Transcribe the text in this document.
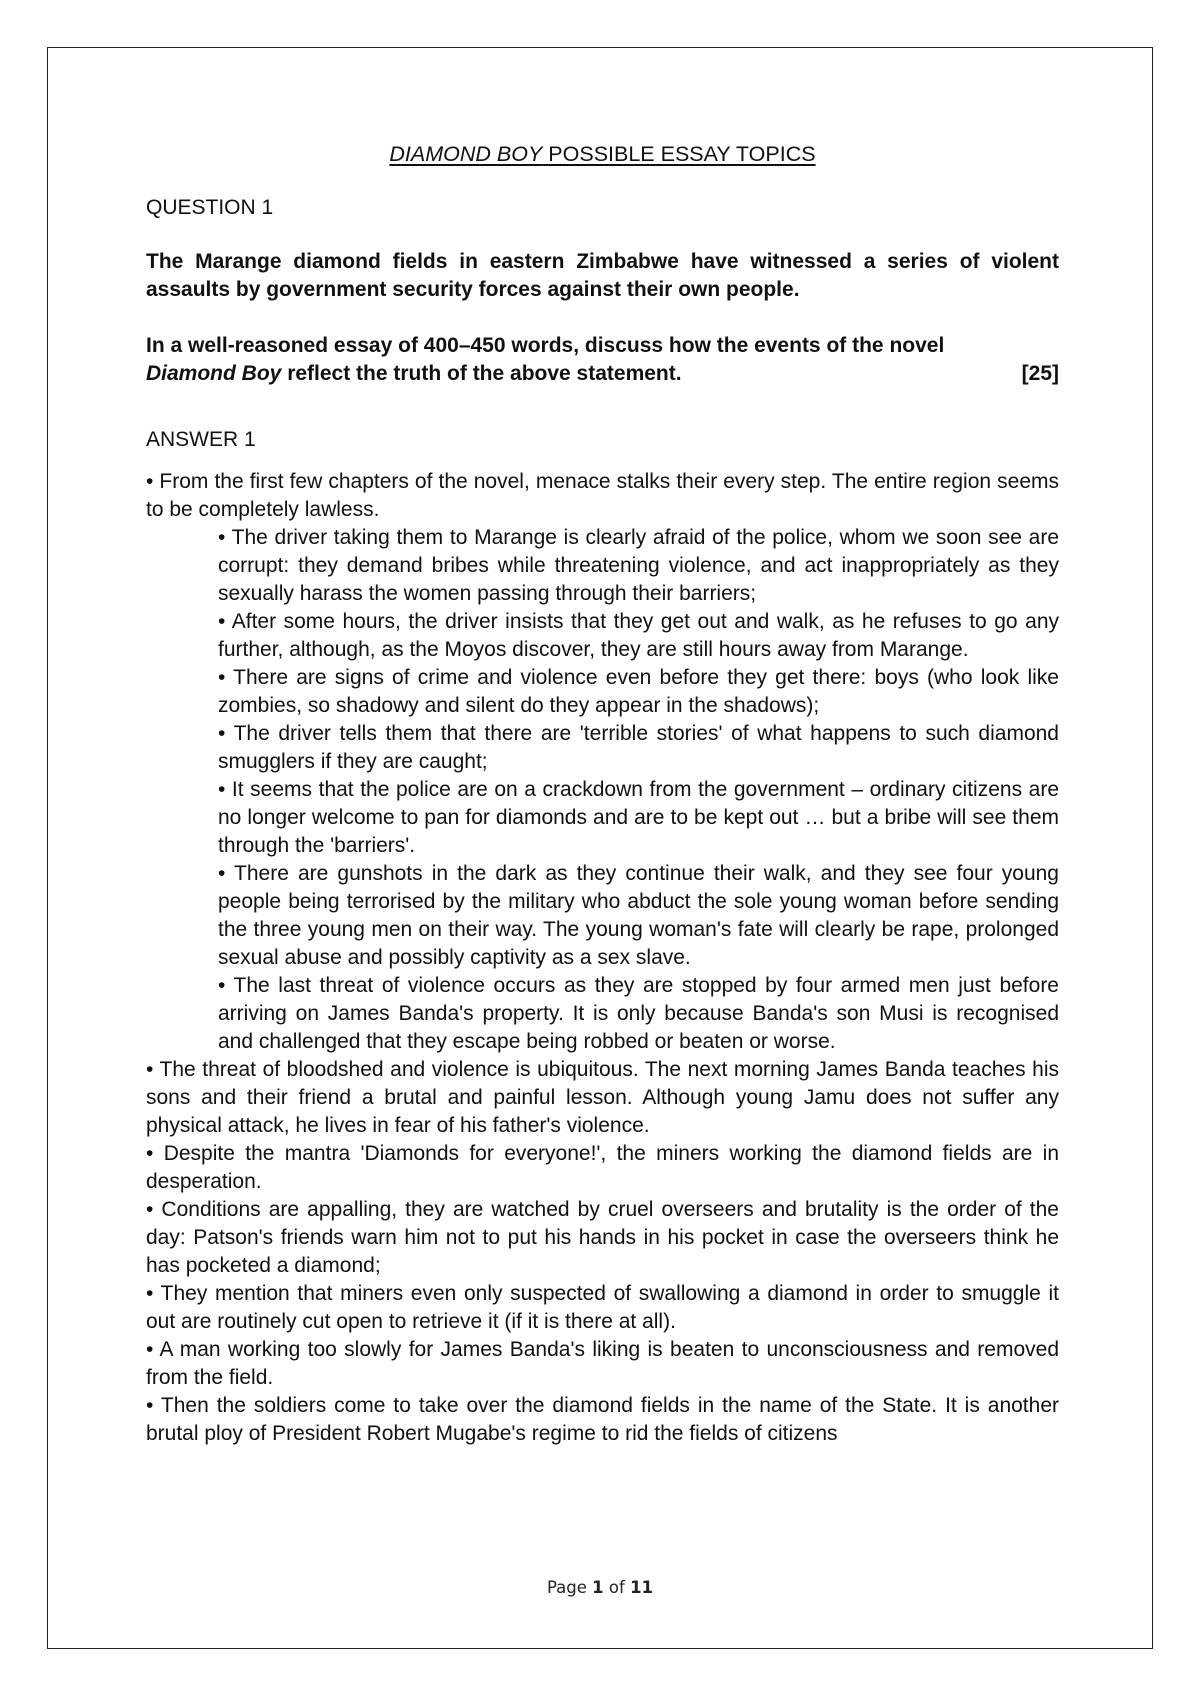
DIAMOND BOY POSSIBLE ESSAY TOPICS

QUESTION 1

The Marange diamond fields in eastern Zimbabwe have witnessed a series of violent assaults by government security forces against their own people.

In a well-reasoned essay of 400–450 words, discuss how the events of the novel

Diamond Boy reflect the truth of the above statement.	[25]

ANSWER 1

• From the first few chapters of the novel, menace stalks their every step. The entire region seems to be completely lawless.

• The driver taking them to Marange is clearly afraid of the police, whom we soon see are corrupt: they demand bribes while threatening violence, and act inappropriately as they sexually harass the women passing through their barriers;

• After some hours, the driver insists that they get out and walk, as he refuses to go any further, although, as the Moyos discover, they are still hours away from Marange.

• There are signs of crime and violence even before they get there: boys (who look like zombies, so shadowy and silent do they appear in the shadows);

• The driver tells them that there are 'terrible stories' of what happens to such diamond smugglers if they are caught;

• It seems that the police are on a crackdown from the government – ordinary citizens are no longer welcome to pan for diamonds and are to be kept out … but a bribe will see them through the 'barriers'.

• There are gunshots in the dark as they continue their walk, and they see four young people being terrorised by the military who abduct the sole young woman before sending the three young men on their way. The young woman's fate will clearly be rape, prolonged sexual abuse and possibly captivity as a sex slave.

• The last threat of violence occurs as they are stopped by four armed men just before arriving on James Banda's property. It is only because Banda's son Musi is recognised and challenged that they escape being robbed or beaten or worse.

• The threat of bloodshed and violence is ubiquitous. The next morning James Banda teaches his sons and their friend a brutal and painful lesson. Although young Jamu does not suffer any physical attack, he lives in fear of his father's violence.

• Despite the mantra 'Diamonds for everyone!', the miners working the diamond fields are in desperation.

• Conditions are appalling, they are watched by cruel overseers and brutality is the order of the day: Patson's friends warn him not to put his hands in his pocket in case the overseers think he has pocketed a diamond;

• They mention that miners even only suspected of swallowing a diamond in order to smuggle it out are routinely cut open to retrieve it (if it is there at all).

• A man working too slowly for James Banda's liking is beaten to unconsciousness and removed from the field.

• Then the soldiers come to take over the diamond fields in the name of the State. It is another brutal ploy of President Robert Mugabe's regime to rid the fields of citizens

Page 1 of 11
